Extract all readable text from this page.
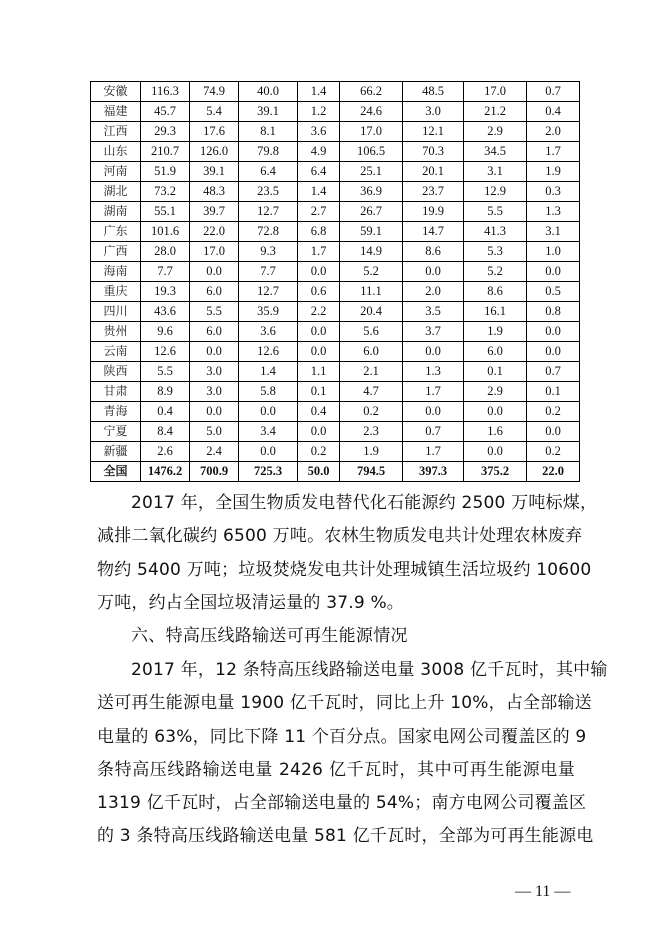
安徽	116.3	74.9	40.0	1.4	66.2	48.5	17.0	0.7
福建	45.7	5.4	39.1	1.2	24.6	3.0	21.2	0.4
江西	29.3	17.6	8.1	3.6	17.0	12.1	2.9	2.0
山东	210.7	126.0	79.8	4.9	106.5	70.3	34.5	1.7
河南	51.9	39.1	6.4	6.4	25.1	20.1	3.1	1.9
湖北	73.2	48.3	23.5	1.4	36.9	23.7	12.9	0.3
湖南	55.1	39.7	12.7	2.7	26.7	19.9	5.5	1.3
广东	101.6	22.0	72.8	6.8	59.1	14.7	41.3	3.1
广西	28.0	17.0	9.3	1.7	14.9	8.6	5.3	1.0
海南	7.7	0.0	7.7	0.0	5.2	0.0	5.2	0.0
重庆	19.3	6.0	12.7	0.6	11.1	2.0	8.6	0.5
四川	43.6	5.5	35.9	2.2	20.4	3.5	16.1	0.8
贵州	9.6	6.0	3.6	0.0	5.6	3.7	1.9	0.0
云南	12.6	0.0	12.6	0.0	6.0	0.0	6.0	0.0
陕西	5.5	3.0	1.4	1.1	2.1	1.3	0.1	0.7
甘肃	8.9	3.0	5.8	0.1	4.7	1.7	2.9	0.1
青海	0.4	0.0	0.0	0.4	0.2	0.0	0.0	0.2
宁夏	8.4	5.0	3.4	0.0	2.3	0.7	1.6	0.0
新疆	2.6	2.4	0.0	0.2	1.9	1.7	0.0	0.2
全国	1476.2	700.9	725.3	50.0	794.5	397.3	375.2	22.0
2017 年，全国生物质发电替代化石能源约 2500 万吨标煤，
减排二氧化碳约 6500 万吨。农林生物质发电共计处理农林废弃
物约 5400 万吨；垃圾焚烧发电共计处理城镇生活垃圾约 10600
万吨，约占全国垃圾清运量的 37.9 %。
六、特高压线路输送可再生能源情况
2017 年，12 条特高压线路输送电量 3008 亿千瓦时，其中输
送可再生能源电量 1900 亿千瓦时，同比上升 10%，占全部输送
电量的 63%，同比下降 11 个百分点。国家电网公司覆盖区的 9
条特高压线路输送电量 2426 亿千瓦时，其中可再生能源电量
1319 亿千瓦时，占全部输送电量的 54%；南方电网公司覆盖区
的 3 条特高压线路输送电量 581 亿千瓦时，全部为可再生能源电
— 11 —
